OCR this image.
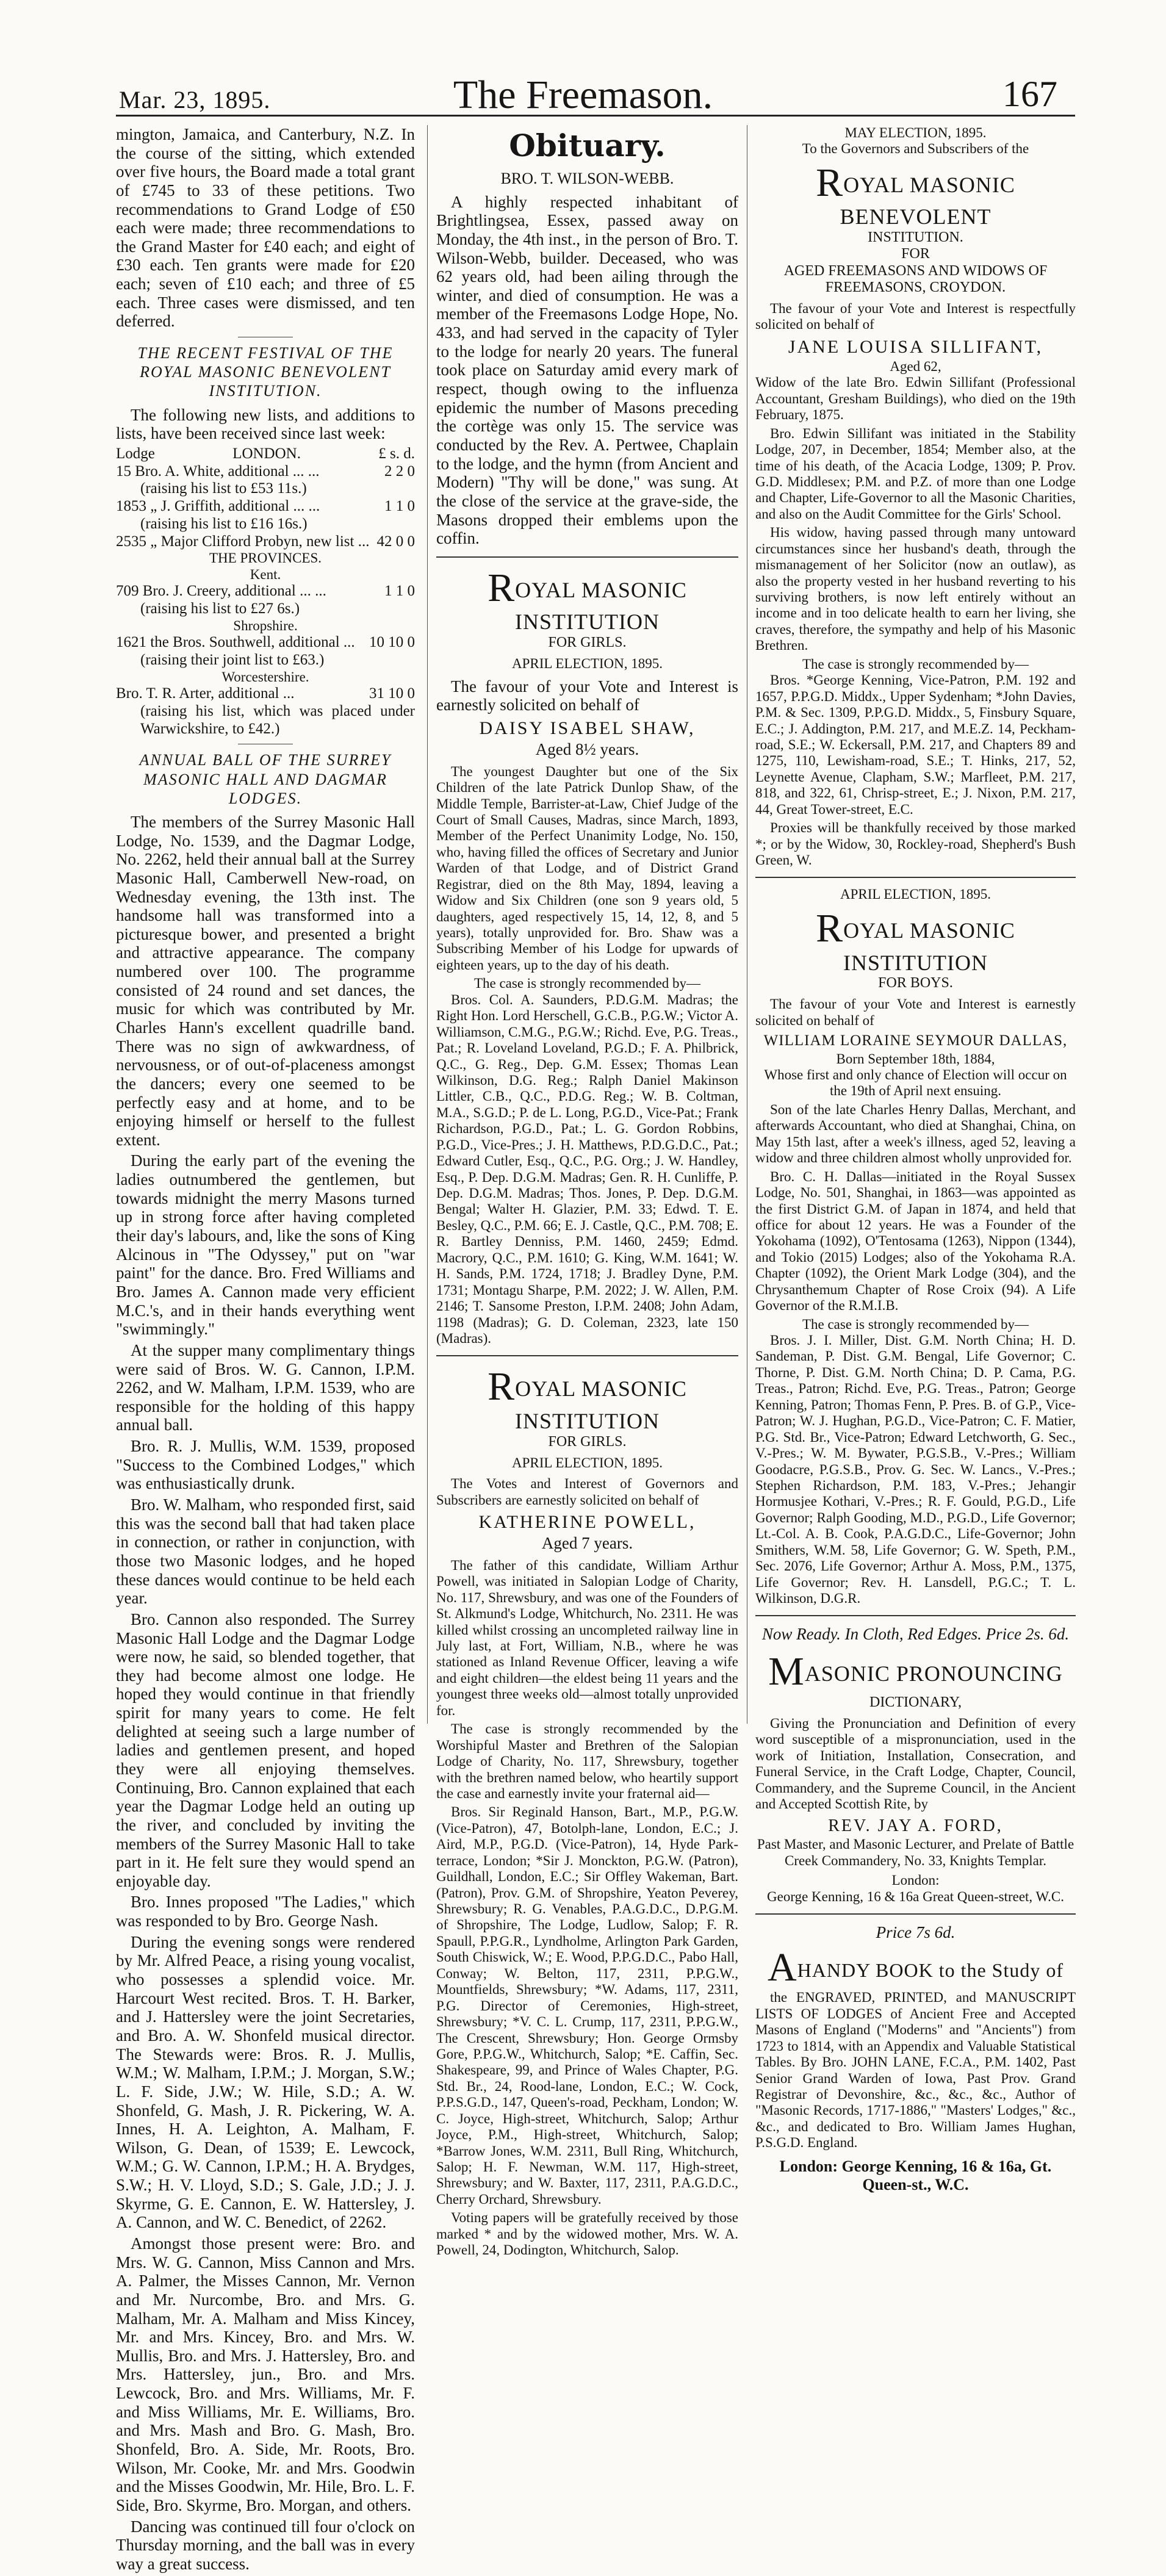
Mar. 23, 1895.	The Freemason.	167

mington, Jamaica, and Canterbury, N.Z. In the course of the sitting, which extended over five hours, the Board made a total grant of £745 to 33 of these petitions. Two recommendations to Grand Lodge of £50 each were made; three recommendations to the Grand Master for £40 each; and eight of £30 each. Ten grants were made for £20 each; seven of £10 each; and three of £5 each. Three cases were dismissed, and ten deferred.

THE RECENT FESTIVAL OF THE ROYAL MASONIC BENEVOLENT INSTITUTION.

The following new lists, and additions to lists, have been received since last week:

Lodge	LONDON.	£ s. d.
15 Bro. A. White, additional ... ...	2 2 0
(raising his list to £53 11s.)
1853 „ J. Griffith, additional ... ...	1 1 0
(raising his list to £16 16s.)
2535 „ Major Clifford Probyn, new list ... 42 0 0
THE PROVINCES.
Kent.
709 Bro. J. Creery, additional ... ...	1 1 0
(raising his list to £27 6s.)
Shropshire.
1621 the Bros. Southwell, additional ... 10 10 0
(raising their joint list to £63.)
Worcestershire.
Bro. T. R. Arter, additional ...	31 10 0
(raising his list, which was placed under Warwickshire, to £42.)
ANNUAL BALL OF THE SURREY MASONIC HALL AND DAGMAR LODGES.

The members of the Surrey Masonic Hall Lodge, No. 1539, and the Dagmar Lodge, No. 2262, held their annual ball at the Surrey Masonic Hall, Camberwell New-road, on Wednesday evening, the 13th inst. The handsome hall was transformed into a picturesque bower, and presented a bright and attractive appearance. The company numbered over 100. The programme consisted of 24 round and set dances, the music for which was contributed by Mr. Charles Hann's excellent quadrille band. There was no sign of awkwardness, of nervousness, or of out-of-placeness amongst the dancers; every one seemed to be perfectly easy and at home, and to be enjoying himself or herself to the fullest extent.

During the early part of the evening the ladies outnumbered the gentlemen, but towards midnight the merry Masons turned up in strong force after having completed their day's labours, and, like the sons of King Alcinous in "The Odyssey," put on "war paint" for the dance. Bro. Fred Williams and Bro. James A. Cannon made very efficient M.C.'s, and in their hands everything went "swimmingly."

At the supper many complimentary things were said of Bros. W. G. Cannon, I.P.M. 2262, and W. Malham, I.P.M. 1539, who are responsible for the holding of this happy annual ball.

Bro. R. J. Mullis, W.M. 1539, proposed "Success to the Combined Lodges," which was enthusiastically drunk.

Bro. W. Malham, who responded first, said this was the second ball that had taken place in connection, or rather in conjunction, with those two Masonic lodges, and he hoped these dances would continue to be held each year.

Bro. Cannon also responded. The Surrey Masonic Hall Lodge and the Dagmar Lodge were now, he said, so blended together, that they had become almost one lodge. He hoped they would continue in that friendly spirit for many years to come. He felt delighted at seeing such a large number of ladies and gentlemen present, and hoped they were all enjoying themselves. Continuing, Bro. Cannon explained that each year the Dagmar Lodge held an outing up the river, and concluded by inviting the members of the Surrey Masonic Hall to take part in it. He felt sure they would spend an enjoyable day.

Bro. Innes proposed "The Ladies," which was responded to by Bro. George Nash.

During the evening songs were rendered by Mr. Alfred Peace, a rising young vocalist, who possesses a splendid voice. Mr. Harcourt West recited. Bros. T. H. Barker, and J. Hattersley were the joint Secretaries, and Bro. A. W. Shonfeld musical director. The Stewards were: Bros. R. J. Mullis, W.M.; W. Malham, I.P.M.; J. Morgan, S.W.; L. F. Side, J.W.; W. Hile, S.D.; A. W. Shonfeld, G. Mash, J. R. Pickering, W. A. Innes, H. A. Leighton, A. Malham, F. Wilson, G. Dean, of 1539; E. Lewcock, W.M.; G. W. Cannon, I.P.M.; H. A. Brydges, S.W.; H. V. Lloyd, S.D.; S. Gale, J.D.; J. J. Skyrme, G. E. Cannon, E. W. Hattersley, J. A. Cannon, and W. C. Benedict, of 2262.

Amongst those present were: Bro. and Mrs. W. G. Cannon, Miss Cannon and Mrs. A. Palmer, the Misses Cannon, Mr. Vernon and Mr. Nurcombe, Bro. and Mrs. G. Malham, Mr. A. Malham and Miss Kincey, Mr. and Mrs. Kincey, Bro. and Mrs. W. Mullis, Bro. and Mrs. J. Hattersley, Bro. and Mrs. Hattersley, jun., Bro. and Mrs. Lewcock, Bro. and Mrs. Williams, Mr. F. and Miss Williams, Mr. E. Williams, Bro. and Mrs. Mash and Bro. G. Mash, Bro. Shonfeld, Bro. A. Side, Mr. Roots, Bro. Wilson, Mr. Cooke, Mr. and Mrs. Goodwin and the Misses Goodwin, Mr. Hile, Bro. L. F. Side, Bro. Skyrme, Bro. Morgan, and others.

Dancing was continued till four o'clock on Thursday morning, and the ball was in every way a great success.

Obituary.
BRO. T. WILSON-WEBB.

A highly respected inhabitant of Brightlingsea, Essex, passed away on Monday, the 4th inst., in the person of Bro. T. Wilson-Webb, builder. Deceased, who was 62 years old, had been ailing through the winter, and died of consumption. He was a member of the Freemasons Lodge Hope, No. 433, and had served in the capacity of Tyler to the lodge for nearly 20 years. The funeral took place on Saturday amid every mark of respect, though owing to the influenza epidemic the number of Masons preceding the cortège was only 15. The service was conducted by the Rev. A. Pertwee, Chaplain to the lodge, and the hymn (from Ancient and Modern) "Thy will be done," was sung. At the close of the service at the grave-side, the Masons dropped their emblems upon the coffin.

ROYAL MASONIC INSTITUTION
FOR GIRLS.
APRIL ELECTION, 1895.

The favour of your Vote and Interest is earnestly solicited on behalf of

DAISY ISABEL SHAW,
Aged 8½ years.

The youngest Daughter but one of the Six Children of the late Patrick Dunlop Shaw, of the Middle Temple, Barrister-at-Law, Chief Judge of the Court of Small Causes, Madras, since March, 1893, Member of the Perfect Unanimity Lodge, No. 150, who, having filled the offices of Secretary and Junior Warden of that Lodge, and of District Grand Registrar, died on the 8th May, 1894, leaving a Widow and Six Children (one son 9 years old, 5 daughters, aged respectively 15, 14, 12, 8, and 5 years), totally unprovided for. Bro. Shaw was a Subscribing Member of his Lodge for upwards of eighteen years, up to the day of his death.

The case is strongly recommended by—

Bros. Col. A. Saunders, P.D.G.M. Madras; the Right Hon. Lord Herschell, G.C.B., P.G.W.; Victor A. Williamson, C.M.G., P.G.W.; Richd. Eve, P.G. Treas., Pat.; R. Loveland Loveland, P.G.D.; F. A. Philbrick, Q.C., G. Reg., Dep. G.M. Essex; Thomas Lean Wilkinson, D.G. Reg.; Ralph Daniel Makinson Littler, C.B., Q.C., P.D.G. Reg.; W. B. Coltman, M.A., S.G.D.; P. de L. Long, P.G.D., Vice-Pat.; Frank Richardson, P.G.D., Pat.; L. G. Gordon Robbins, P.G.D., Vice-Pres.; J. H. Matthews, P.D.G.D.C., Pat.; Edward Cutler, Esq., Q.C., P.G. Org.; J. W. Handley, Esq., P. Dep. D.G.M. Madras; Gen. R. H. Cunliffe, P. Dep. D.G.M. Madras; Thos. Jones, P. Dep. D.G.M. Bengal; Walter H. Glazier, P.M. 33; Edwd. T. E. Besley, Q.C., P.M. 66; E. J. Castle, Q.C., P.M. 708; E. R. Bartley Denniss, P.M. 1460, 2459; Edmd. Macrory, Q.C., P.M. 1610; G. King, W.M. 1641; W. H. Sands, P.M. 1724, 1718; J. Bradley Dyne, P.M. 1731; Montagu Sharpe, P.M. 2022; J. W. Allen, P.M. 2146; T. Sansome Preston, I.P.M. 2408; John Adam, 1198 (Madras); G. D. Coleman, 2323, late 150 (Madras).

ROYAL MASONIC INSTITUTION
FOR GIRLS.
APRIL ELECTION, 1895.

The Votes and Interest of Governors and Subscribers are earnestly solicited on behalf of

KATHERINE POWELL,
Aged 7 years.

The father of this candidate, William Arthur Powell, was initiated in Salopian Lodge of Charity, No. 117, Shrewsbury, and was one of the Founders of St. Alkmund's Lodge, Whitchurch, No. 2311. He was killed whilst crossing an uncompleted railway line in July last, at Fort, William, N.B., where he was stationed as Inland Revenue Officer, leaving a wife and eight children—the eldest being 11 years and the youngest three weeks old—almost totally unprovided for.

The case is strongly recommended by the Worshipful Master and Brethren of the Salopian Lodge of Charity, No. 117, Shrewsbury, together with the brethren named below, who heartily support the case and earnestly invite your fraternal aid—

Bros. Sir Reginald Hanson, Bart., M.P., P.G.W. (Vice-Patron), 47, Botolph-lane, London, E.C.; J. Aird, M.P., P.G.D. (Vice-Patron), 14, Hyde Park-terrace, London; *Sir J. Monckton, P.G.W. (Patron), Guildhall, London, E.C.; Sir Offley Wakeman, Bart. (Patron), Prov. G.M. of Shropshire, Yeaton Peverey, Shrewsbury; R. G. Venables, P.A.G.D.C., D.P.G.M. of Shropshire, The Lodge, Ludlow, Salop; F. R. Spaull, P.P.G.R., Lyndholme, Arlington Park Garden, South Chiswick, W.; E. Wood, P.P.G.D.C., Pabo Hall, Conway; W. Belton, 117, 2311, P.P.G.W., Mountfields, Shrewsbury; *W. Adams, 117, 2311, P.G. Director of Ceremonies, High-street, Shrewsbury; *V. C. L. Crump, 117, 2311, P.P.G.W., The Crescent, Shrewsbury; Hon. George Ormsby Gore, P.P.G.W., Whitchurch, Salop; *E. Caffin, Sec. Shakespeare, 99, and Prince of Wales Chapter, P.G. Std. Br., 24, Rood-lane, London, E.C.; W. Cock, P.P.S.G.D., 147, Queen's-road, Peckham, London; W. C. Joyce, High-street, Whitchurch, Salop; Arthur Joyce, P.M., High-street, Whitchurch, Salop; *Barrow Jones, W.M. 2311, Bull Ring, Whitchurch, Salop; H. F. Newman, W.M. 117, High-street, Shrewsbury; and W. Baxter, 117, 2311, P.A.G.D.C., Cherry Orchard, Shrewsbury.

Voting papers will be gratefully received by those marked * and by the widowed mother, Mrs. W. A. Powell, 24, Dodington, Whitchurch, Salop.

MAY ELECTION, 1895.
To the Governors and Subscribers of the
ROYAL MASONIC BENEVOLENT
INSTITUTION.
FOR
AGED FREEMASONS AND WIDOWS OF FREEMASONS, CROYDON.

The favour of your Vote and Interest is respectfully solicited on behalf of

JANE LOUISA SILLIFANT,
Aged 62,

Widow of the late Bro. Edwin Sillifant (Professional Accountant, Gresham Buildings), who died on the 19th February, 1875.

Bro. Edwin Sillifant was initiated in the Stability Lodge, 207, in December, 1854; Member also, at the time of his death, of the Acacia Lodge, 1309; P. Prov. G.D. Middlesex; P.M. and P.Z. of more than one Lodge and Chapter, Life-Governor to all the Masonic Charities, and also on the Audit Committee for the Girls' School.

His widow, having passed through many untoward circumstances since her husband's death, through the mismanagement of her Solicitor (now an outlaw), as also the property vested in her husband reverting to his surviving brothers, is now left entirely without an income and in too delicate health to earn her living, she craves, therefore, the sympathy and help of his Masonic Brethren.

The case is strongly recommended by—

Bros. *George Kenning, Vice-Patron, P.M. 192 and 1657, P.P.G.D. Middx., Upper Sydenham; *John Davies, P.M. & Sec. 1309, P.P.G.D. Middx., 5, Finsbury Square, E.C.; J. Addington, P.M. 217, and M.E.Z. 14, Peckham-road, S.E.; W. Eckersall, P.M. 217, and Chapters 89 and 1275, 110, Lewisham-road, S.E.; T. Hinks, 217, 52, Leynette Avenue, Clapham, S.W.; Marfleet, P.M. 217, 818, and 322, 61, Chrisp-street, E.; J. Nixon, P.M. 217, 44, Great Tower-street, E.C.

Proxies will be thankfully received by those marked *; or by the Widow, 30, Rockley-road, Shepherd's Bush Green, W.

APRIL ELECTION, 1895.
ROYAL MASONIC INSTITUTION
FOR BOYS.

The favour of your Vote and Interest is earnestly solicited on behalf of

WILLIAM LORAINE SEYMOUR DALLAS,
Born September 18th, 1884,

Whose first and only chance of Election will occur on the 19th of April next ensuing.

Son of the late Charles Henry Dallas, Merchant, and afterwards Accountant, who died at Shanghai, China, on May 15th last, after a week's illness, aged 52, leaving a widow and three children almost wholly unprovided for.

Bro. C. H. Dallas—initiated in the Royal Sussex Lodge, No. 501, Shanghai, in 1863—was appointed as the first District G.M. of Japan in 1874, and held that office for about 12 years. He was a Founder of the Yokohama (1092), O'Tentosama (1263), Nippon (1344), and Tokio (2015) Lodges; also of the Yokohama R.A. Chapter (1092), the Orient Mark Lodge (304), and the Chrysanthemum Chapter of Rose Croix (94). A Life Governor of the R.M.I.B.

The case is strongly recommended by—

Bros. J. I. Miller, Dist. G.M. North China; H. D. Sandeman, P. Dist. G.M. Bengal, Life Governor; C. Thorne, P. Dist. G.M. North China; D. P. Cama, P.G. Treas., Patron; Richd. Eve, P.G. Treas., Patron; George Kenning, Patron; Thomas Fenn, P. Pres. B. of G.P., Vice-Patron; W. J. Hughan, P.G.D., Vice-Patron; C. F. Matier, P.G. Std. Br., Vice-Patron; Edward Letchworth, G. Sec., V.-Pres.; W. M. Bywater, P.G.S.B., V.-Pres.; William Goodacre, P.G.S.B., Prov. G. Sec. W. Lancs., V.-Pres.; Stephen Richardson, P.M. 183, V.-Pres.; Jehangir Hormusjee Kothari, V.-Pres.; R. F. Gould, P.G.D., Life Governor; Ralph Gooding, M.D., P.G.D., Life Governor; Lt.-Col. A. B. Cook, P.A.G.D.C., Life-Governor; John Smithers, W.M. 58, Life Governor; G. W. Speth, P.M., Sec. 2076, Life Governor; Arthur A. Moss, P.M., 1375, Life Governor; Rev. H. Lansdell, P.G.C.; T. L. Wilkinson, D.G.R.

Now Ready. In Cloth, Red Edges. Price 2s. 6d.
MASONIC PRONOUNCING
DICTIONARY,

Giving the Pronunciation and Definition of every word susceptible of a mispronunciation, used in the work of Initiation, Installation, Consecration, and Funeral Service, in the Craft Lodge, Chapter, Council, Commandery, and the Supreme Council, in the Ancient and Accepted Scottish Rite, by

REV. JAY A. FORD,
Past Master, and Masonic Lecturer, and Prelate of Battle Creek Commandery, No. 33, Knights Templar.
London:
George Kenning, 16 & 16a Great Queen-street, W.C.
Price 7s 6d.
AHANDY BOOK to the Study of

the ENGRAVED, PRINTED, and MANUSCRIPT LISTS OF LODGES of Ancient Free and Accepted Masons of England ("Moderns" and "Ancients") from 1723 to 1814, with an Appendix and Valuable Statistical Tables. By Bro. JOHN LANE, F.C.A., P.M. 1402, Past Senior Grand Warden of Iowa, Past Prov. Grand Registrar of Devonshire, &c., &c., &c., Author of "Masonic Records, 1717-1886," "Masters' Lodges," &c., &c., and dedicated to Bro. William James Hughan, P.S.G.D. England.

London: George Kenning, 16 & 16a, Gt. Queen-st., W.C.
